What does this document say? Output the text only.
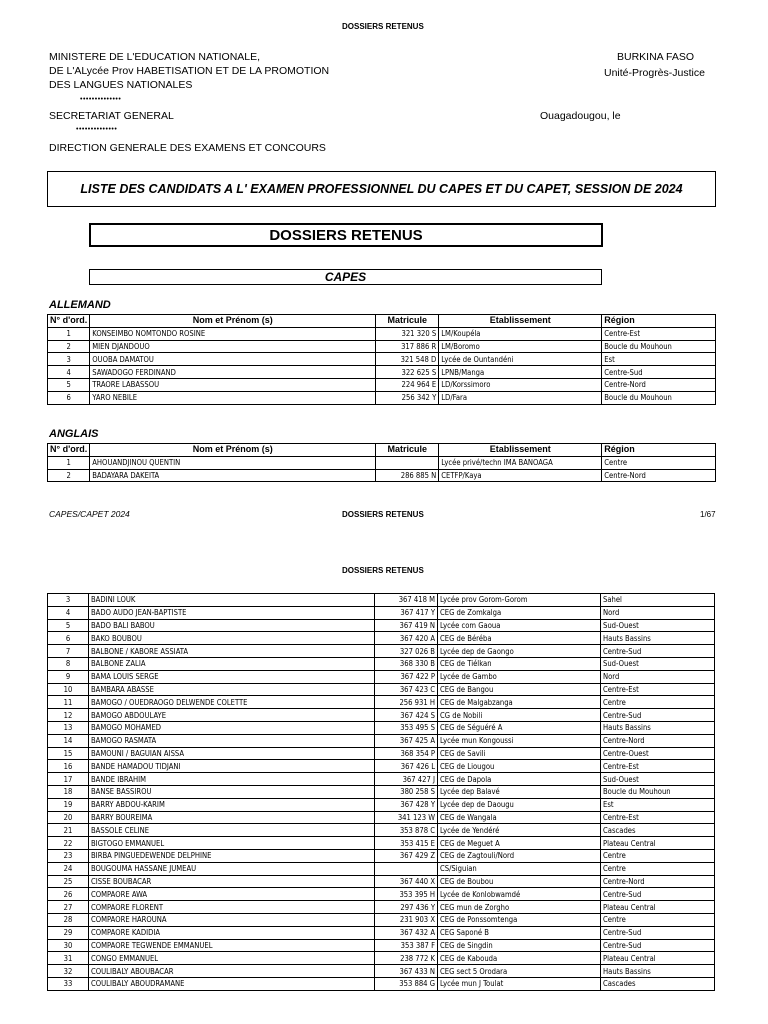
DOSSIERS RETENUS
MINISTERE DE L'EDUCATION NATIONALE,
DE L'ALycée Prov HABETISATION ET DE LA PROMOTION
DES LANGUES NATIONALES
••••••••••••••
SECRETARIAT GENERAL
••••••••••••••
DIRECTION GENERALE DES EXAMENS ET CONCOURS
BURKINA FASO
Unité-Progrès-Justice
Ouagadougou, le
LISTE DES CANDIDATS A L' EXAMEN PROFESSIONNEL DU CAPES ET DU CAPET, SESSION DE 2024
DOSSIERS RETENUS
CAPES
ALLEMAND
N° d'ord.	Nom et Prénom (s)	Matricule	Etablissement	Région
1	KONSEIMBO NOMTONDO ROSINE	321 320 S	LM/Koupéla	Centre-Est
2	MIEN DJANDOUO	317 886 R	LM/Boromo	Boucle du Mouhoun
3	OUOBA DAMATOU	321 548 D	Lycée de Ountandéni	Est
4	SAWADOGO FERDINAND	322 625 S	LPNB/Manga	Centre-Sud
5	TRAORE LABASSOU	224 964 E	LD/Korssimoro	Centre-Nord
6	YARO NEBILE	256 342 Y	LD/Fara	Boucle du Mouhoun
ANGLAIS
N° d'ord.	Nom et Prénom (s)	Matricule	Etablissement	Région
1	AHOUANDJINOU QUENTIN		Lycée privé/techn IMA BANOAGA	Centre
2	BADAYARA DAKEITA	286 885 N	CETFP/Kaya	Centre-Nord
CAPES/CAPET 2024	DOSSIERS RETENUS	1/67
DOSSIERS RETENUS
3	BADINI LOUK	367 418 M	Lycée prov Gorom-Gorom	Sahel
4	BADO AUDO JEAN-BAPTISTE	367 417 Y	CEG de Zomkalga	Nord
5	BADO BALI BABOU	367 419 N	Lycée com Gaoua	Sud-Ouest
6	BAKO BOUBOU	367 420 A	CEG de Béréba	Hauts Bassins
7	BALBONE / KABORE ASSIATA	327 026 B	Lycée dep de Gaongo	Centre-Sud
8	BALBONE ZALIA	368 330 B	CEG de Tiélkan	Sud-Ouest
9	BAMA LOUIS SERGE	367 422 P	Lycée de Gambo	Nord
10	BAMBARA ABASSE	367 423 C	CEG de Bangou	Centre-Est
11	BAMOGO / OUEDRAOGO DELWENDE COLETTE	256 931 H	CEG de Malgabzanga	Centre
12	BAMOGO ABDOULAYE	367 424 S	CG de Nobili	Centre-Sud
13	BAMOGO MOHAMED	353 495 S	CEG de Séguéré A	Hauts Bassins
14	BAMOGO RASMATA	367 425 A	Lycée mun Kongoussi	Centre-Nord
15	BAMOUNI / BAGUIAN AISSA	368 354 P	CEG de Savili	Centre-Ouest
16	BANDE HAMADOU TIDJANI	367 426 L	CEG de Liougou	Centre-Est
17	BANDE IBRAHIM	367 427 J	CEG de Dapola	Sud-Ouest
18	BANSE BASSIROU	380 258 S	Lycée dep Balavé	Boucle du Mouhoun
19	BARRY ABDOU-KARIM	367 428 Y	Lycée dep de Daougu	Est
20	BARRY BOUREIMA	341 123 W	CEG de Wangala	Centre-Est
21	BASSOLE CELINE	353 878 C	Lycée de Yendéré	Cascades
22	BIGTOGO EMMANUEL	353 415 E	CEG de Meguet A	Plateau Central
23	BIRBA PINGUEDEWENDE DELPHINE	367 429 Z	CEG de Zagtouli/Nord	Centre
24	BOUGOUMA HASSANE JUMEAU		CS/Siguian	Centre
25	CISSE BOUBACAR	367 440 X	CEG de Boubou	Centre-Nord
26	COMPAORE AWA	353 395 H	Lycée de Konlobwamdé	Centre-Sud
27	COMPAORE FLORENT	297 436 Y	CEG mun de Zorgho	Plateau Central
28	COMPAORE HAROUNA	231 903 X	CEG de Ponssomtenga	Centre
29	COMPAORE KADIDIA	367 432 A	CEG Saponé B	Centre-Sud
30	COMPAORE TEGWENDE EMMANUEL	353 387 F	CEG de Singdin	Centre-Sud
31	CONGO EMMANUEL	238 772 K	CEG de Kabouda	Plateau Central
32	COULIBALY ABOUBACAR	367 433 N	CEG sect 5 Orodara	Hauts Bassins
33	COULIBALY ABOUDRAMANE	353 884 G	Lycée mun J Toulat	Cascades
